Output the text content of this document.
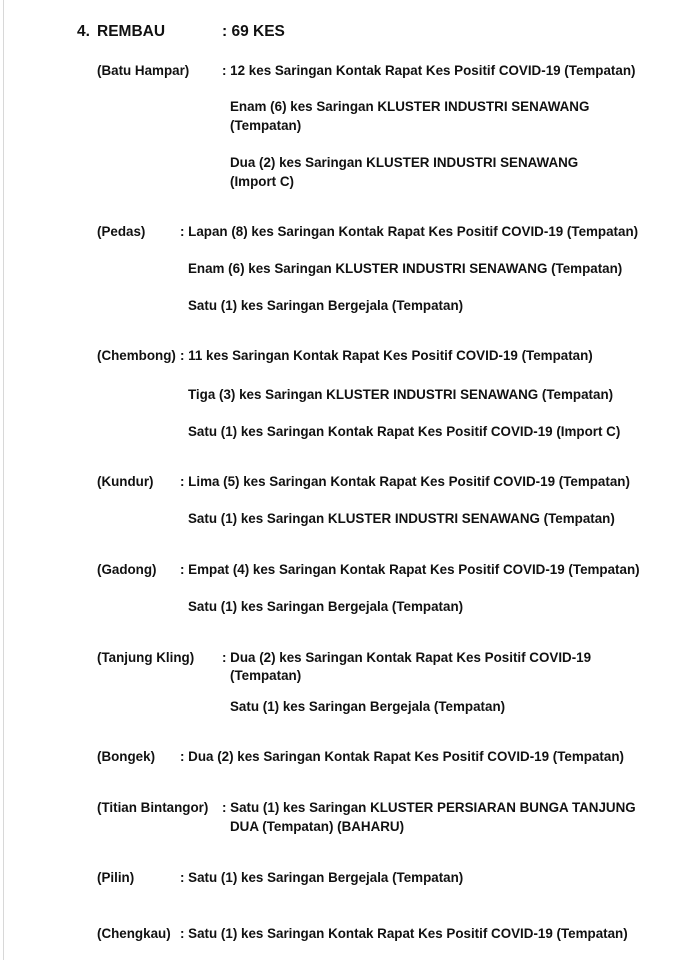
4. REMBAU	: 69 KES

(Batu Hampar) : 12 kes Saringan Kontak Rapat Kes Positif COVID-19 (Tempatan)

Enam (6) kes Saringan KLUSTER INDUSTRI SENAWANG

(Tempatan)

Dua (2) kes Saringan KLUSTER INDUSTRI SENAWANG

(Import C)

(Pedas)	: Lapan (8) kes Saringan Kontak Rapat Kes Positif COVID-19 (Tempatan)

Enam (6) kes Saringan KLUSTER INDUSTRI SENAWANG (Tempatan)

Satu (1) kes Saringan Bergejala (Tempatan)

(Chembong) : 11 kes Saringan Kontak Rapat Kes Positif COVID-19 (Tempatan)

Tiga (3) kes Saringan KLUSTER INDUSTRI SENAWANG (Tempatan)

Satu (1) kes Saringan Kontak Rapat Kes Positif COVID-19 (Import C)

(Kundur) : Lima (5) kes Saringan Kontak Rapat Kes Positif COVID-19 (Tempatan)

Satu (1) kes Saringan KLUSTER INDUSTRI SENAWANG (Tempatan)

(Gadong) : Empat (4) kes Saringan Kontak Rapat Kes Positif COVID-19 (Tempatan)

Satu (1) kes Saringan Bergejala (Tempatan)

(Tanjung Kling) : Dua (2) kes Saringan Kontak Rapat Kes Positif COVID-19

(Tempatan)

Satu (1) kes Saringan Bergejala (Tempatan)

(Bongek) : Dua (2) kes Saringan Kontak Rapat Kes Positif COVID-19 (Tempatan)

(Titian Bintangor) : Satu (1) kes Saringan KLUSTER PERSIARAN BUNGA TANJUNG

DUA (Tempatan) (BAHARU)

(Pilin)	: Satu (1) kes Saringan Bergejala (Tempatan)

(Chengkau) : Satu (1) kes Saringan Kontak Rapat Kes Positif COVID-19 (Tempatan)
